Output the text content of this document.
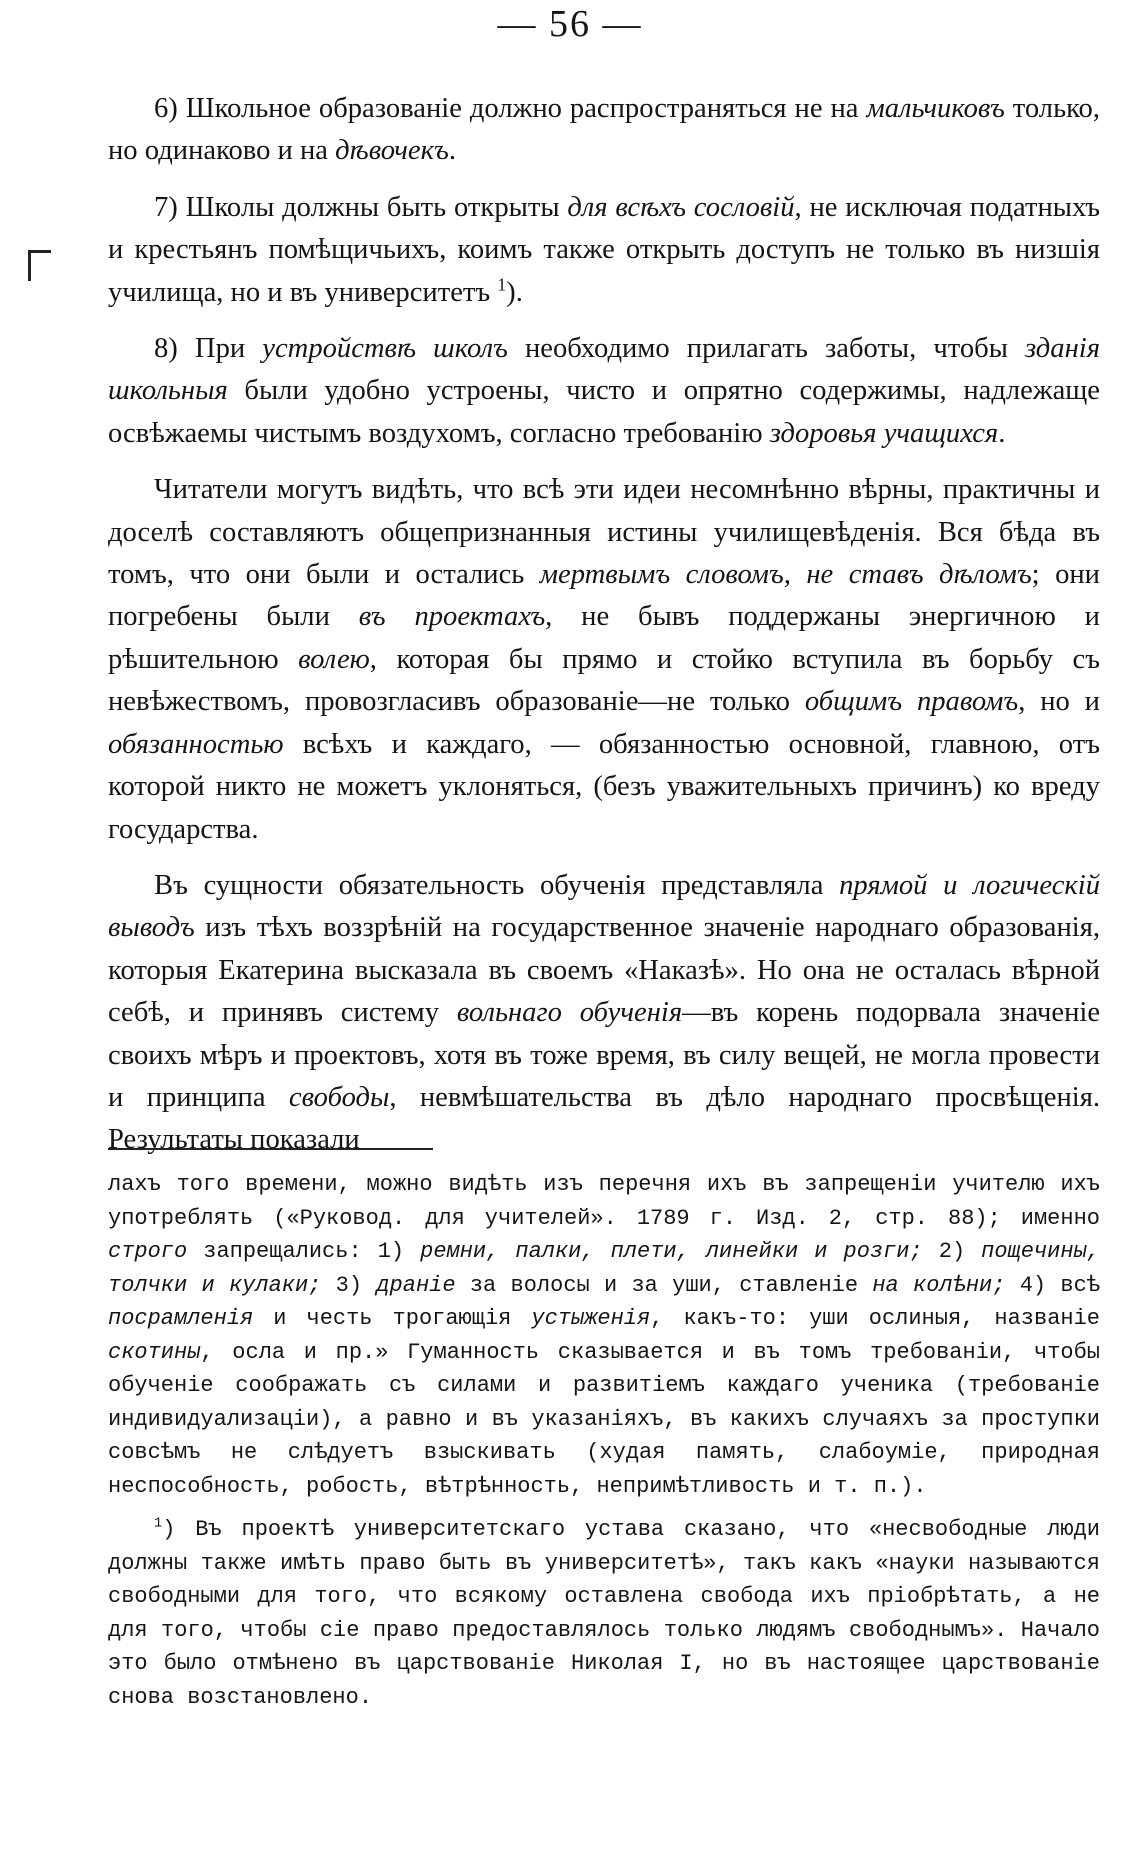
— 56 —

6) Школьное образованіе должно распространяться не на мальчиковъ только, но одинаково и на дѣвочекъ.

7) Школы должны быть открыты для всѣхъ сословій, не исключая податныхъ и крестьянъ помѣщичьихъ, коимъ также открыть доступъ не только въ низшія училища, но и въ университетъ $^1$).

8) При устройствѣ школъ необходимо прилагать заботы, чтобы зданія школьныя были удобно устроены, чисто и опрятно содержимы, надлежаще освѣжаемы чистымъ воздухомъ, согласно требованію здоровья учащихся.

Читатели могутъ видѣть, что всѣ эти идеи несомнѣнно вѣрны, практичны и доселѣ составляютъ общепризнанныя истины училищевѣденія. Вся бѣда въ томъ, что они были и остались мертвымъ словомъ, не ставъ дѣломъ; они погребены были въ проектахъ, не бывъ поддержаны энергичною и рѣшительною волею, которая бы прямо и стойко вступила въ борьбу съ невѣжествомъ, провозгласивъ образованіе—не только общимъ правомъ, но и обязанностью всѣхъ и каждаго, — обязанностью основной, главною, отъ которой никто не можетъ уклоняться, (безъ уважительныхъ причинъ) ко вреду государства.

Въ сущности обязательность обученія представляла прямой и логическій выводъ изъ тѣхъ воззрѣній на государственное значеніе народнаго образованія, которыя Екатерина высказала въ своемъ «Наказѣ». Но она не осталась вѣрной себѣ, и принявъ систему вольнаго обученія—въ корень подорвала значеніе своихъ мѣръ и проектовъ, хотя въ тоже время, въ силу вещей, не могла провести и принципа свободы, невмѣшательства въ дѣло народнаго просвѣщенія. Результаты показали

лахъ того времени, можно видѣть изъ перечня ихъ въ запрещеніи учителю ихъ употреблять («Руковод. для учителей». 1789 г. Изд. 2, стр. 88); именно строго запрещались: 1) ремни, палки, плети, линейки и розги; 2) пощечины, толчки и кулаки; 3) драніе за волосы и за уши, ставленіе на колѣни; 4) всѣ посрамленія и честь трогающія устыженія, какъ-то: уши ослиныя, названіе скотины, осла и пр.» Гуманность сказывается и въ томъ требованіи, чтобы обученіе соображать съ силами и развитіемъ каждаго ученика (требованіе индивидуализаціи), а равно и въ указаніяхъ, въ какихъ случаяхъ за проступки совсѣмъ не слѣдуетъ взыскивать (худая память, слабоуміе, природная неспособность, робость, вѣтрѣнность, непримѣтливость и т. п.).

$^1$) Въ проектѣ университетскаго устава сказано, что «несвободные люди должны также имѣть право быть въ университетѣ», такъ какъ «науки называются свободными для того, что всякому оставлена свобода ихъ пріобрѣтать, а не для того, чтобы сіе право предоставлялось только людямъ свободнымъ». Начало это было отмѣнено въ царствованіе Николая I, но въ настоящее царствованіе снова возстановлено.
